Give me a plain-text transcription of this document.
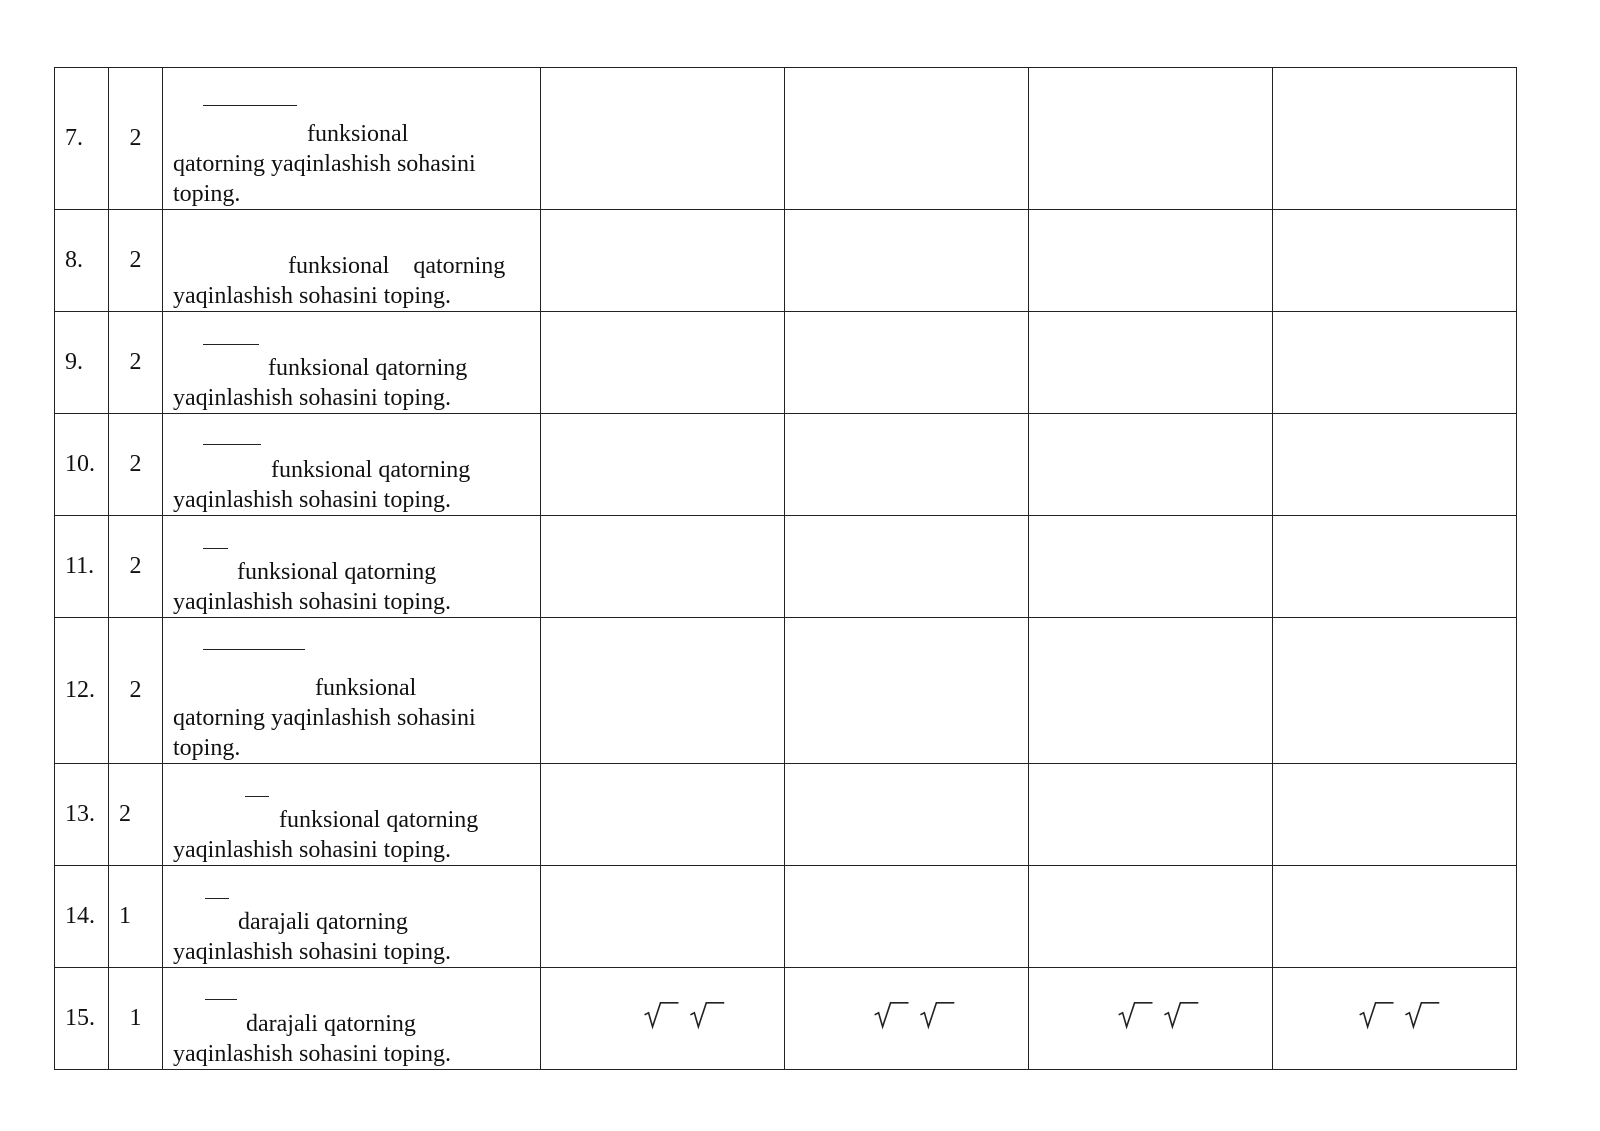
7.	2	funksional
qatorning yaqinlashish sohasini
toping.				

8.	2	funksional    qatorning
yaqinlashish sohasini toping.				

9.	2	funksional qatorning
yaqinlashish sohasini toping.				

10.	2	funksional qatorning
yaqinlashish sohasini toping.				

11.	2	funksional qatorning
yaqinlashish sohasini toping.				

12.	2	funksional
qatorning yaqinlashish sohasini
toping.				

13.	2	funksional qatorning
yaqinlashish sohasini toping.				

14.	1	darajali qatorning
yaqinlashish sohasini toping.				

15.	1	darajali qatorning
yaqinlashish sohasini toping.
